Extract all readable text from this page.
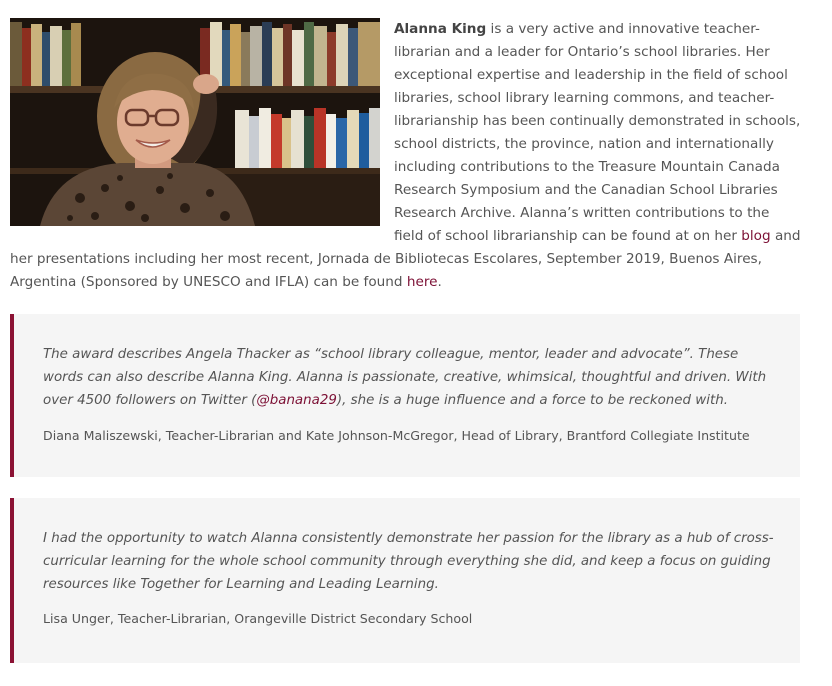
Alanna King is a very active and innovative teacher-librarian and a leader for Ontario’s school libraries. Her exceptional expertise and leadership in the field of school libraries, school library learning commons, and teacher-librarianship has been continually demonstrated in schools, school districts, the province, nation and internationally including contributions to the Treasure Mountain Canada Research Symposium and the Canadian School Libraries Research Archive. Alanna’s written contributions to the field of school librarianship can be found at on her blog and her presentations including her most recent, Jornada de Bibliotecas Escolares, September 2019, Buenos Aires, Argentina (Sponsored by UNESCO and IFLA) can be found here.

The award describes Angela Thacker as “school library colleague, mentor, leader and advocate”. These words can also describe Alanna King. Alanna is passionate, creative, whimsical, thoughtful and driven. With over 4500 followers on Twitter (@banana29), she is a huge influence and a force to be reckoned with.

Diana Maliszewski, Teacher-Librarian and Kate Johnson-McGregor, Head of Library, Brantford Collegiate Institute

I had the opportunity to watch Alanna consistently demonstrate her passion for the library as a hub of cross-curricular learning for the whole school community through everything she did, and keep a focus on guiding resources like Together for Learning and Leading Learning.

Lisa Unger, Teacher-Librarian, Orangeville District Secondary School
